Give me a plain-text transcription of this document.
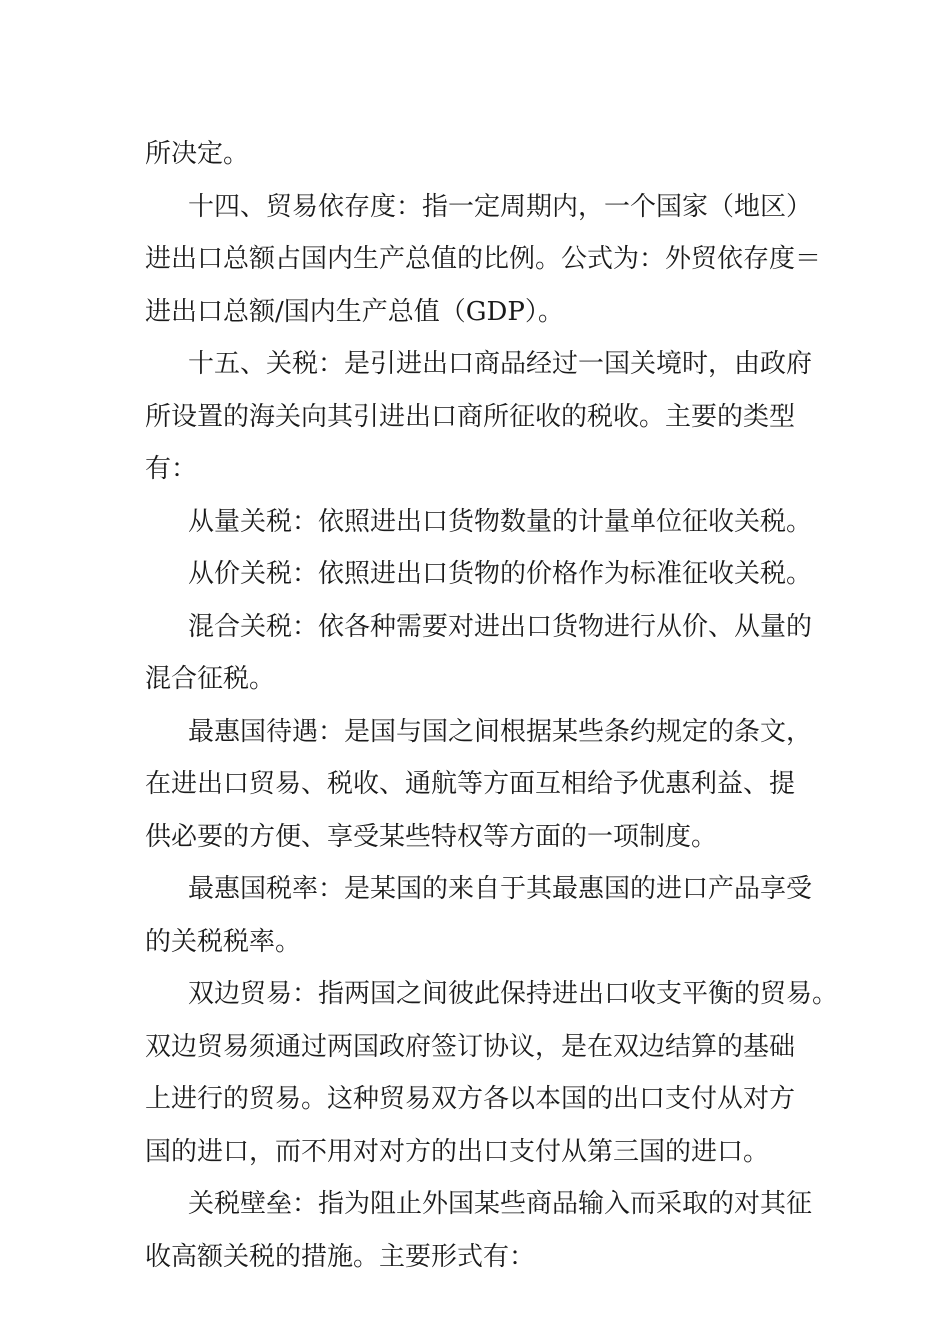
所决定。
十四、贸易依存度：指一定周期内，一个国家（地区）
进出口总额占国内生产总值的比例。公式为：外贸依存度＝
进出口总额/国内生产总值（GDP）。
十五、关税：是引进出口商品经过一国关境时，由政府
所设置的海关向其引进出口商所征收的税收。主要的类型
有：
从量关税：依照进出口货物数量的计量单位征收关税。
从价关税：依照进出口货物的价格作为标准征收关税。
混合关税：依各种需要对进出口货物进行从价、从量的
混合征税。
最惠国待遇：是国与国之间根据某些条约规定的条文，
在进出口贸易、税收、通航等方面互相给予优惠利益、提
供必要的方便、享受某些特权等方面的一项制度。
最惠国税率：是某国的来自于其最惠国的进口产品享受
的关税税率。
双边贸易：指两国之间彼此保持进出口收支平衡的贸易。
双边贸易须通过两国政府签订协议，是在双边结算的基础
上进行的贸易。这种贸易双方各以本国的出口支付从对方
国的进口，而不用对对方的出口支付从第三国的进口。
关税壁垒：指为阻止外国某些商品输入而采取的对其征
收高额关税的措施。主要形式有：
